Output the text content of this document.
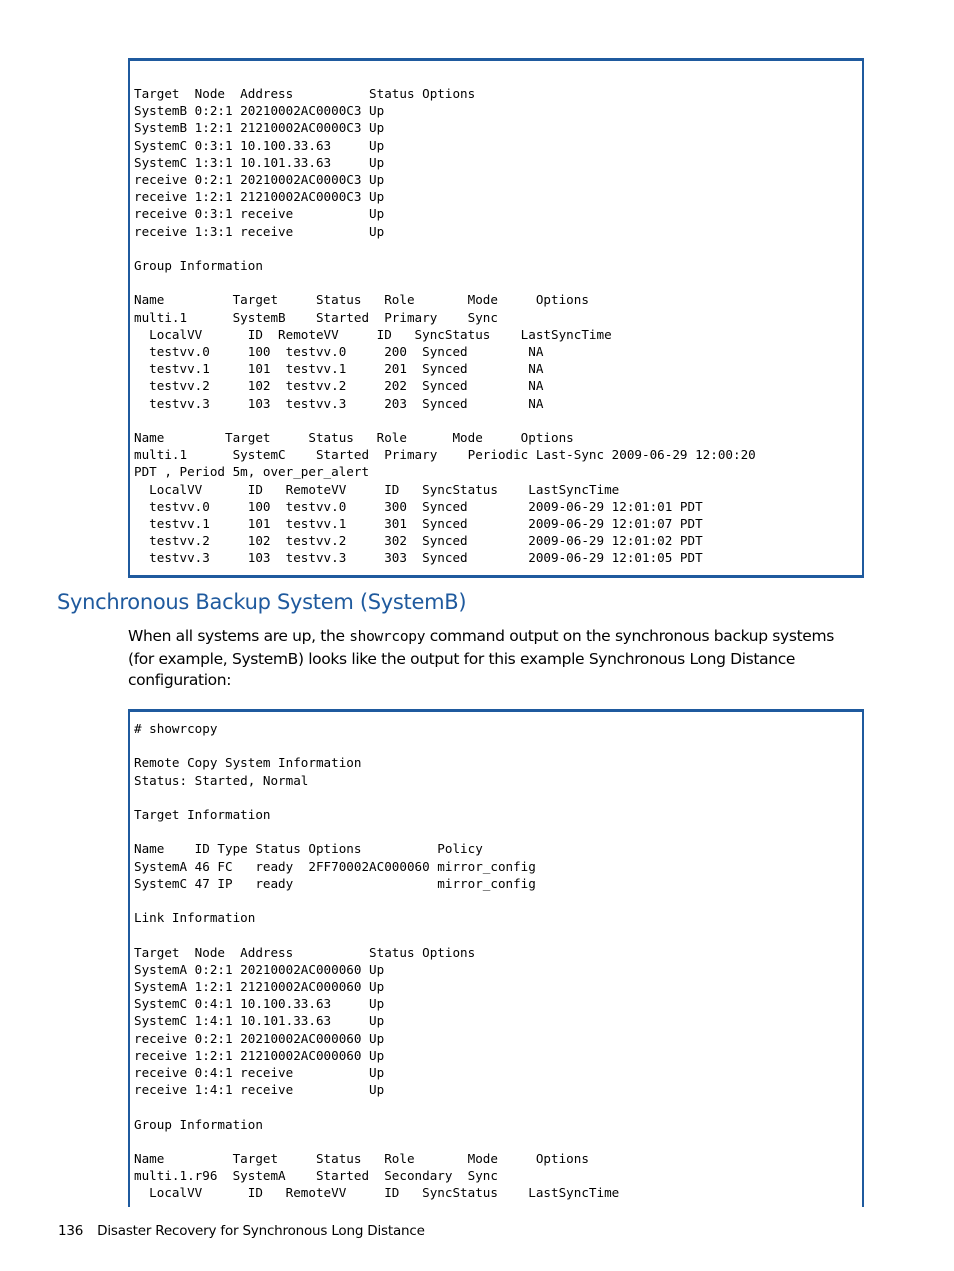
Target  Node  Address          Status Options
SystemB 0:2:1 20210002AC0000C3 Up
SystemB 1:2:1 21210002AC0000C3 Up
SystemC 0:3:1 10.100.33.63     Up
SystemC 1:3:1 10.101.33.63     Up
receive 0:2:1 20210002AC0000C3 Up
receive 1:2:1 21210002AC0000C3 Up
receive 0:3:1 receive          Up
receive 1:3:1 receive          Up

Group Information

Name         Target     Status   Role       Mode     Options
multi.1      SystemB    Started  Primary    Sync
LocalVV      ID  RemoteVV     ID   SyncStatus    LastSyncTime
testvv.0     100  testvv.0     200  Synced        NA
testvv.1     101  testvv.1     201  Synced        NA
testvv.2     102  testvv.2     202  Synced        NA
testvv.3     103  testvv.3     203  Synced        NA

Name        Target     Status   Role      Mode     Options
multi.1      SystemC    Started  Primary    Periodic Last-Sync 2009-06-29 12:00:20
PDT , Period 5m, over_per_alert
LocalVV      ID   RemoteVV     ID   SyncStatus    LastSyncTime
testvv.0     100  testvv.0     300  Synced        2009-06-29 12:01:01 PDT
testvv.1     101  testvv.1     301  Synced        2009-06-29 12:01:07 PDT
testvv.2     102  testvv.2     302  Synced        2009-06-29 12:01:02 PDT
testvv.3     103  testvv.3     303  Synced        2009-06-29 12:01:05 PDT
Synchronous Backup System (SystemB)

When all systems are up, the showrcopy command output on the synchronous backup systems (for example, SystemB) looks like the output for this example Synchronous Long Distance configuration:

# showrcopy

Remote Copy System Information
Status: Started, Normal

Target Information

Name    ID Type Status Options          Policy
SystemA 46 FC   ready  2FF70002AC000060 mirror_config
SystemC 47 IP   ready                   mirror_config

Link Information

Target  Node  Address          Status Options
SystemA 0:2:1 20210002AC000060 Up
SystemA 1:2:1 21210002AC000060 Up
SystemC 0:4:1 10.100.33.63     Up
SystemC 1:4:1 10.101.33.63     Up
receive 0:2:1 20210002AC000060 Up
receive 1:2:1 21210002AC000060 Up
receive 0:4:1 receive          Up
receive 1:4:1 receive          Up

Group Information

Name         Target     Status   Role       Mode     Options
multi.1.r96  SystemA    Started  Secondary  Sync
LocalVV      ID   RemoteVV     ID   SyncStatus    LastSyncTime
136 Disaster Recovery for Synchronous Long Distance
